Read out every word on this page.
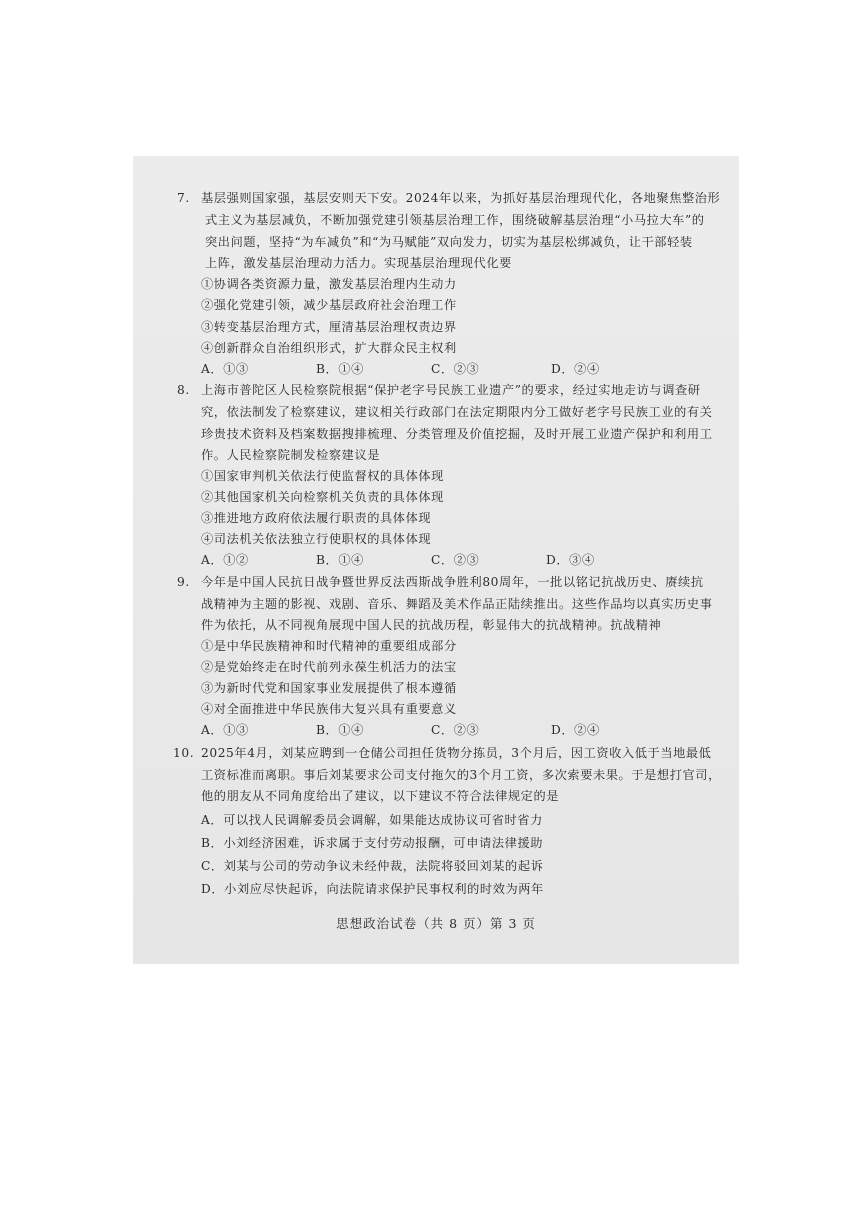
7. 基层强则国家强，基层安则天下安。2024年以来，为抓好基层治理现代化，各地聚焦整治形
式主义为基层减负，不断加强党建引领基层治理工作，围绕破解基层治理“小马拉大车”的
突出问题，坚持“为车减负”和“为马赋能”双向发力，切实为基层松绑减负，让干部轻装
上阵，激发基层治理动力活力。实现基层治理现代化要
①协调各类资源力量，激发基层治理内生动力
②强化党建引领，减少基层政府社会治理工作
③转变基层治理方式，厘清基层治理权责边界
④创新群众自治组织形式，扩大群众民主权利
A．①③	B．①④	C．②③	D．②④
8. 上海市普陀区人民检察院根据“保护老字号民族工业遗产”的要求，经过实地走访与调查研
究，依法制发了检察建议，建议相关行政部门在法定期限内分工做好老字号民族工业的有关
珍贵技术资料及档案数据搜排梳理、分类管理及价值挖掘，及时开展工业遗产保护和利用工
作。人民检察院制发检察建议是
①国家审判机关依法行使监督权的具体体现
②其他国家机关向检察机关负责的具体体现
③推进地方政府依法履行职责的具体体现
④司法机关依法独立行使职权的具体体现
A．①②	B．①④	C．②③	D．③④
9. 今年是中国人民抗日战争暨世界反法西斯战争胜利80周年，一批以铭记抗战历史、赓续抗
战精神为主题的影视、戏剧、音乐、舞蹈及美术作品正陆续推出。这些作品均以真实历史事
件为依托，从不同视角展现中国人民的抗战历程，彰显伟大的抗战精神。抗战精神
①是中华民族精神和时代精神的重要组成部分
②是党始终走在时代前列永葆生机活力的法宝
③为新时代党和国家事业发展提供了根本遵循
④对全面推进中华民族伟大复兴具有重要意义
A．①③	B．①④	C．②③	D．②④
10. 2025年4月，刘某应聘到一仓储公司担任货物分拣员，3个月后，因工资收入低于当地最低
工资标准而离职。事后刘某要求公司支付拖欠的3个月工资，多次索要未果。于是想打官司，
他的朋友从不同角度给出了建议，以下建议不符合法律规定的是
A．可以找人民调解委员会调解，如果能达成协议可省时省力
B．小刘经济困难，诉求属于支付劳动报酬，可申请法律援助
C．刘某与公司的劳动争议未经仲裁，法院将驳回刘某的起诉
D．小刘应尽快起诉，向法院请求保护民事权利的时效为两年
思想政治试卷（共 8 页）第 3 页
